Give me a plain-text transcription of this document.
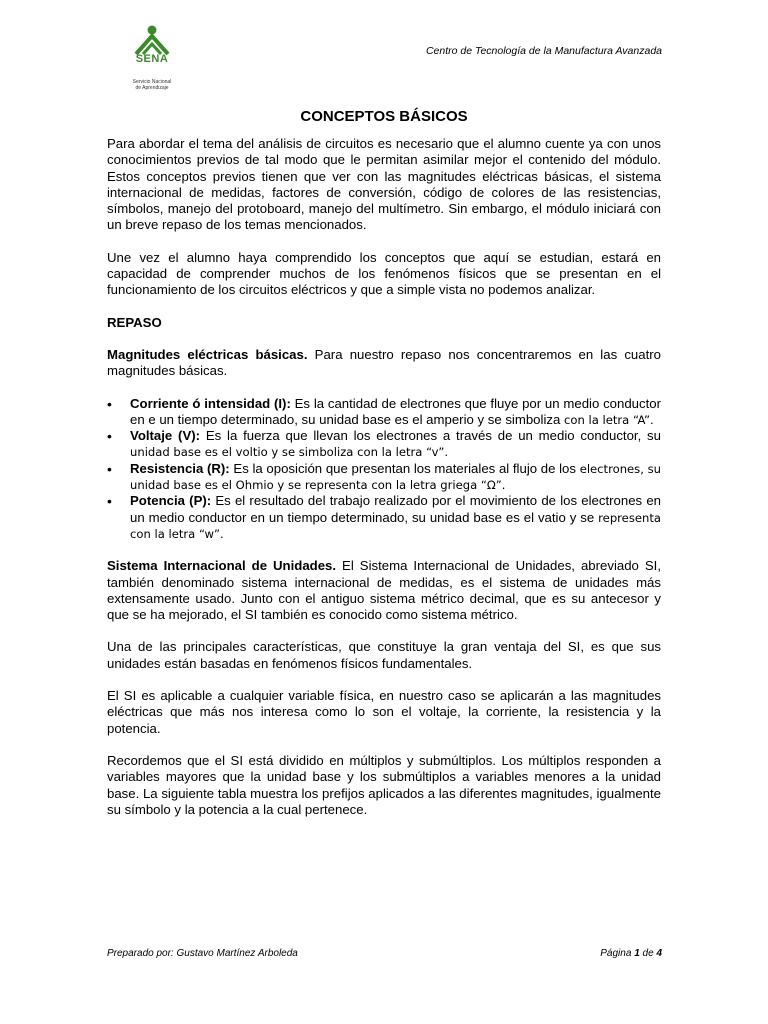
SENA
Servicio Nacional
de Aprendizaje
Centro de Tecnología de la Manufactura Avanzada
CONCEPTOS BÁSICOS

Para abordar el tema del análisis de circuitos es necesario que el alumno cuente ya con unos conocimientos previos de tal modo que le permitan asimilar mejor el contenido del módulo. Estos conceptos previos tienen que ver con las magnitudes eléctricas básicas, el sistema internacional de medidas, factores de conversión, código de colores de las resistencias, símbolos, manejo del protoboard, manejo del multímetro. Sin embargo, el módulo iniciará con un breve repaso de los temas mencionados.

Une vez el alumno haya comprendido los conceptos que aquí se estudian, estará en capacidad de comprender muchos de los fenómenos físicos que se presentan en el funcionamiento de los circuitos eléctricos y que a simple vista no podemos analizar.

REPASO

Magnitudes eléctricas básicas. Para nuestro repaso nos concentraremos en las cuatro magnitudes básicas.

• Corriente ó intensidad (I): Es la cantidad de electrones que fluye por un medio conductor en e un tiempo determinado, su unidad base es el amperio y se simboliza con la letra “A”.
• Voltaje (V): Es la fuerza que llevan los electrones a través de un medio conductor, su unidad base es el voltio y se simboliza con la letra “v”.
• Resistencia (R): Es la oposición que presentan los materiales al flujo de los electrones, su unidad base es el Ohmio y se representa con la letra griega “Ω”.
• Potencia (P): Es el resultado del trabajo realizado por el movimiento de los electrones en un medio conductor en un tiempo determinado, su unidad base es el vatio y se representa con la letra “w”.

Sistema Internacional de Unidades. El Sistema Internacional de Unidades, abreviado SI, también denominado sistema internacional de medidas, es el sistema de unidades más extensamente usado. Junto con el antiguo sistema métrico decimal, que es su antecesor y que se ha mejorado, el SI también es conocido como sistema métrico.

Una de las principales características, que constituye la gran ventaja del SI, es que sus unidades están basadas en fenómenos físicos fundamentales.

El SI es aplicable a cualquier variable física, en nuestro caso se aplicarán a las magnitudes eléctricas que más nos interesa como lo son el voltaje, la corriente, la resistencia y la potencia.

Recordemos que el SI está dividido en múltiplos y submúltiplos. Los múltiplos responden a variables mayores que la unidad base y los submúltiplos a variables menores a la unidad base. La siguiente tabla muestra los prefijos aplicados a las diferentes magnitudes, igualmente su símbolo y la potencia a la cual pertenece.

Preparado por: Gustavo Martínez Arboleda	Página 1 de 4
